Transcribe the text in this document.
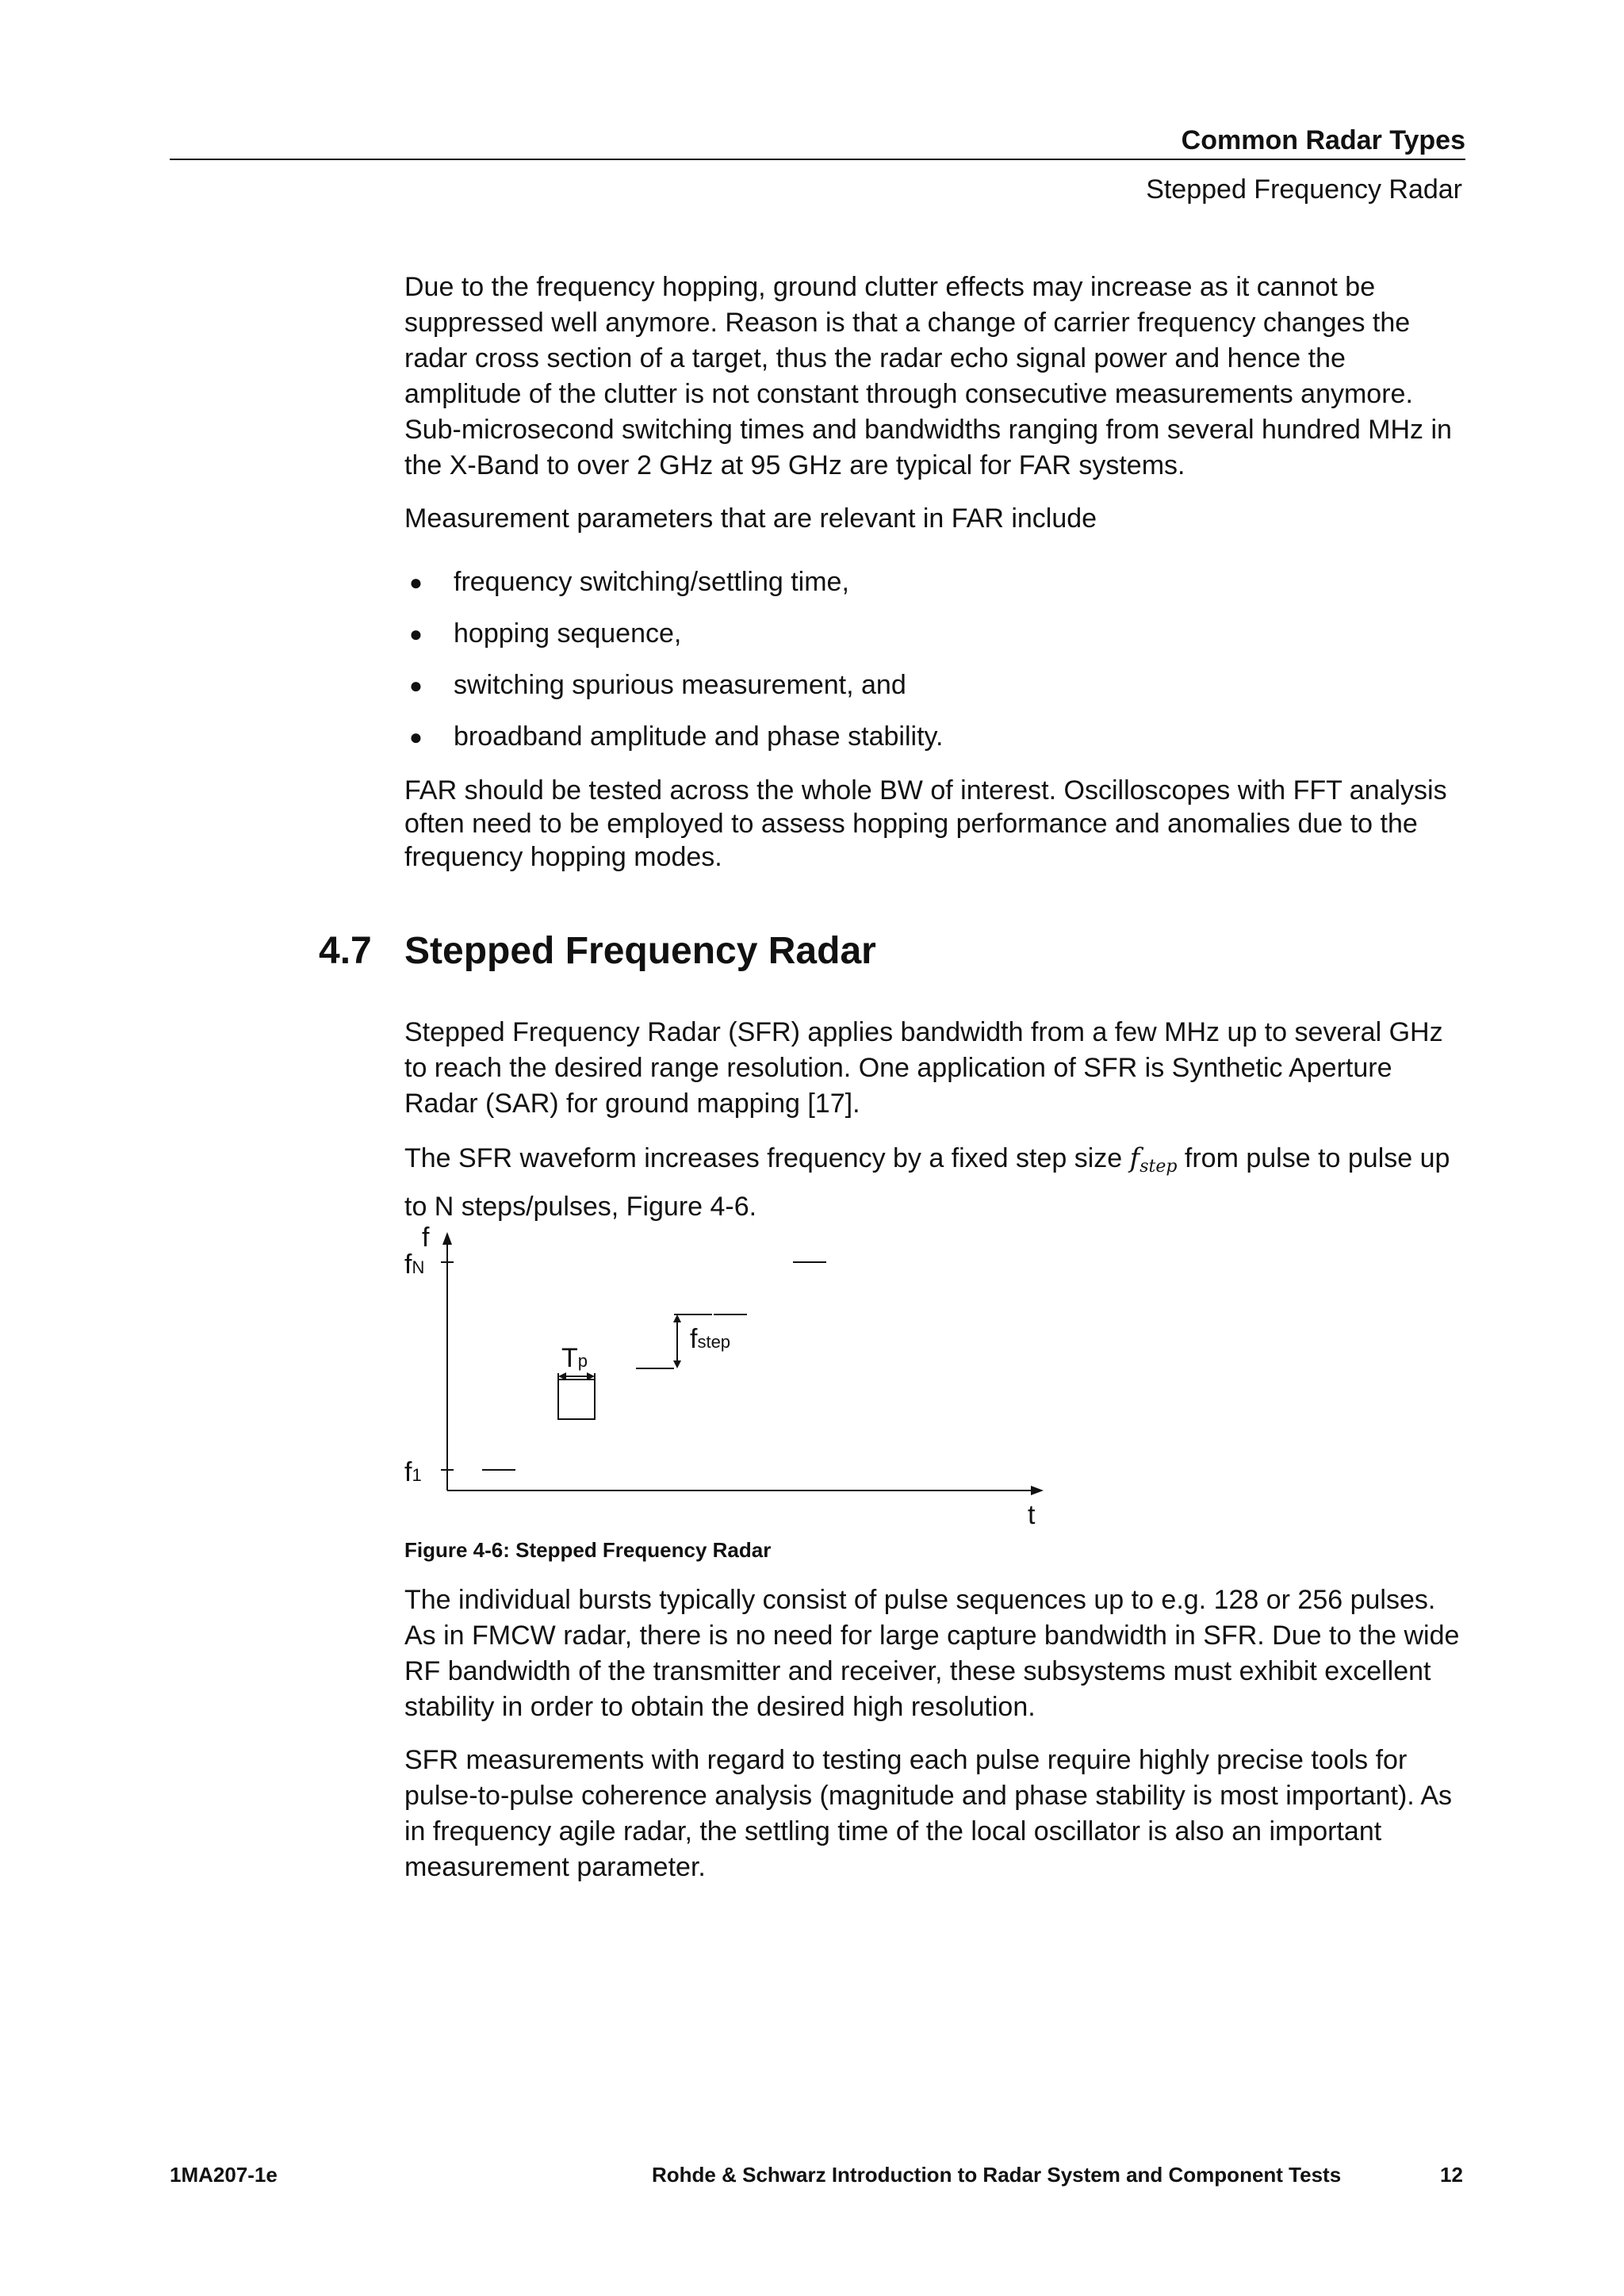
Common Radar Types
Stepped Frequency Radar

Due to the frequency hopping, ground clutter effects may increase as it cannot be suppressed well anymore. Reason is that a change of carrier frequency changes the radar cross section of a target, thus the radar echo signal power and hence the amplitude of the clutter is not constant through consecutive measurements anymore. Sub-microsecond switching times and bandwidths ranging from several hundred MHz in the X-Band to over 2 GHz at 95 GHz are typical for FAR systems.

Measurement parameters that are relevant in FAR include

● frequency switching/settling time,
● hopping sequence,
● switching spurious measurement, and
● broadband amplitude and phase stability.

FAR should be tested across the whole BW of interest. Oscilloscopes with FFT analysis often need to be employed to assess hopping performance and anomalies due to the frequency hopping modes.

4.7 Stepped Frequency Radar

Stepped Frequency Radar (SFR) applies bandwidth from a few MHz up to several GHz to reach the desired range resolution. One application of SFR is Synthetic Aperture Radar (SAR) for ground mapping [17].

The SFR waveform increases frequency by a fixed step size $f_{step}$ from pulse to pulse up to N steps/pulses, Figure 4-6.

f
fN
f1
Tp
fstep
t
Figure 4-6: Stepped Frequency Radar

The individual bursts typically consist of pulse sequences up to e.g. 128 or 256 pulses. As in FMCW radar, there is no need for large capture bandwidth in SFR. Due to the wide RF bandwidth of the transmitter and receiver, these subsystems must exhibit excellent stability in order to obtain the desired high resolution.

SFR measurements with regard to testing each pulse require highly precise tools for pulse-to-pulse coherence analysis (magnitude and phase stability is most important). As in frequency agile radar, the settling time of the local oscillator is also an important measurement parameter.

1MA207-1e	Rohde & Schwarz Introduction to Radar System and Component Tests	12
